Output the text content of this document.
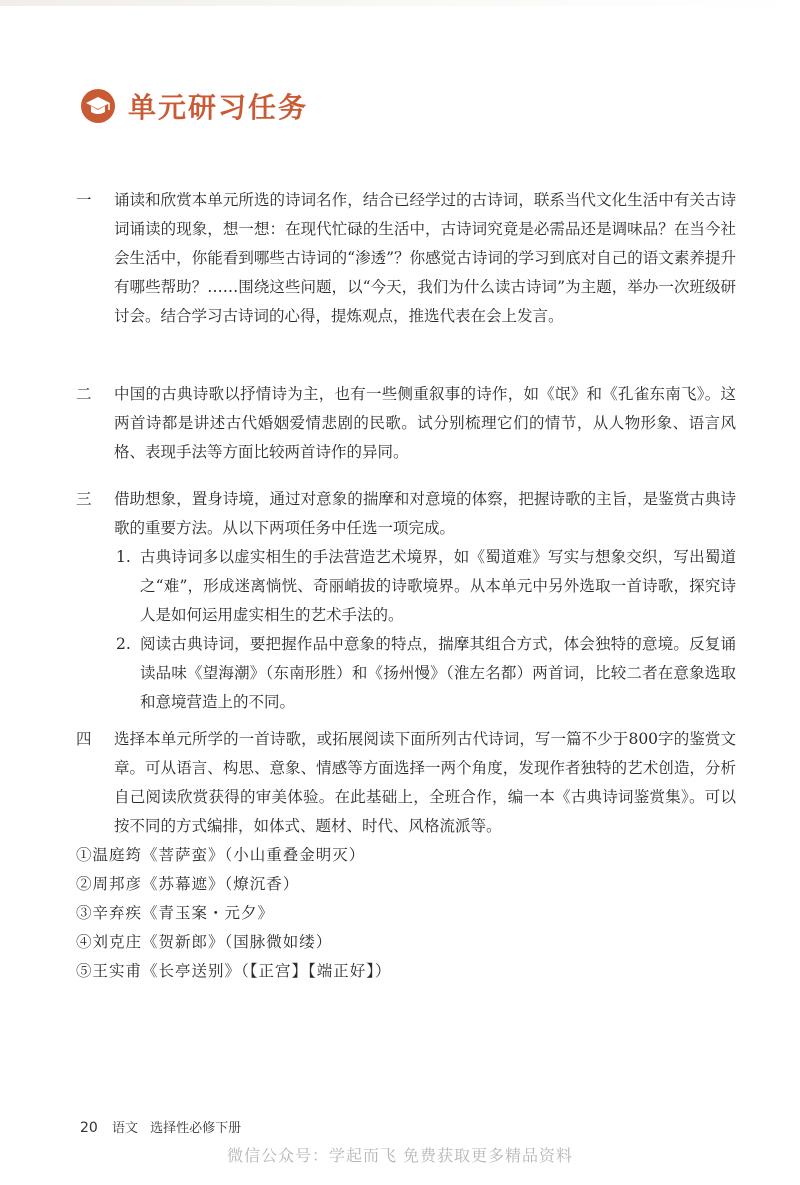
单元研习任务
一	诵读和欣赏本单元所选的诗词名作，结合已经学过的古诗词，联系当代文化生活中有关古诗词诵读的现象，想一想：在现代忙碌的生活中，古诗词究竟是必需品还是调味品？在当今社会生活中，你能看到哪些古诗词的“渗透”？你感觉古诗词的学习到底对自己的语文素养提升有哪些帮助？……围绕这些问题，以“今天，我们为什么读古诗词”为主题，举办一次班级研讨会。结合学习古诗词的心得，提炼观点，推选代表在会上发言。
二	中国的古典诗歌以抒情诗为主，也有一些侧重叙事的诗作，如《氓》和《孔雀东南飞》。这两首诗都是讲述古代婚姻爱情悲剧的民歌。试分别梳理它们的情节，从人物形象、语言风格、表现手法等方面比较两首诗作的异同。
三	借助想象，置身诗境，通过对意象的揣摩和对意境的体察，把握诗歌的主旨，是鉴赏古典诗歌的重要方法。从以下两项任务中任选一项完成。
1. 古典诗词多以虚实相生的手法营造艺术境界，如《蜀道难》写实与想象交织，写出蜀道之“难”，形成迷离惝恍、奇丽峭拔的诗歌境界。从本单元中另外选取一首诗歌，探究诗人是如何运用虚实相生的艺术手法的。
2. 阅读古典诗词，要把握作品中意象的特点，揣摩其组合方式，体会独特的意境。反复诵读品味《望海潮》（东南形胜）和《扬州慢》（淮左名都）两首词，比较二者在意象选取和意境营造上的不同。
四	选择本单元所学的一首诗歌，或拓展阅读下面所列古代诗词，写一篇不少于800字的鉴赏文章。可从语言、构思、意象、情感等方面选择一两个角度，发现作者独特的艺术创造，分析自己阅读欣赏获得的审美体验。在此基础上，全班合作，编一本《古典诗词鉴赏集》。可以按不同的方式编排，如体式、题材、时代、风格流派等。
①温庭筠《菩萨蛮》（小山重叠金明灭）
②周邦彦《苏幕遮》（燎沉香）
③辛弃疾《青玉案・元夕》
④刘克庄《贺新郎》（国脉微如缕）
⑤王实甫《长亭送别》（【正宫】【端正好】）
20 语文 选择性必修下册
微信公众号：学起而飞 免费获取更多精品资料
